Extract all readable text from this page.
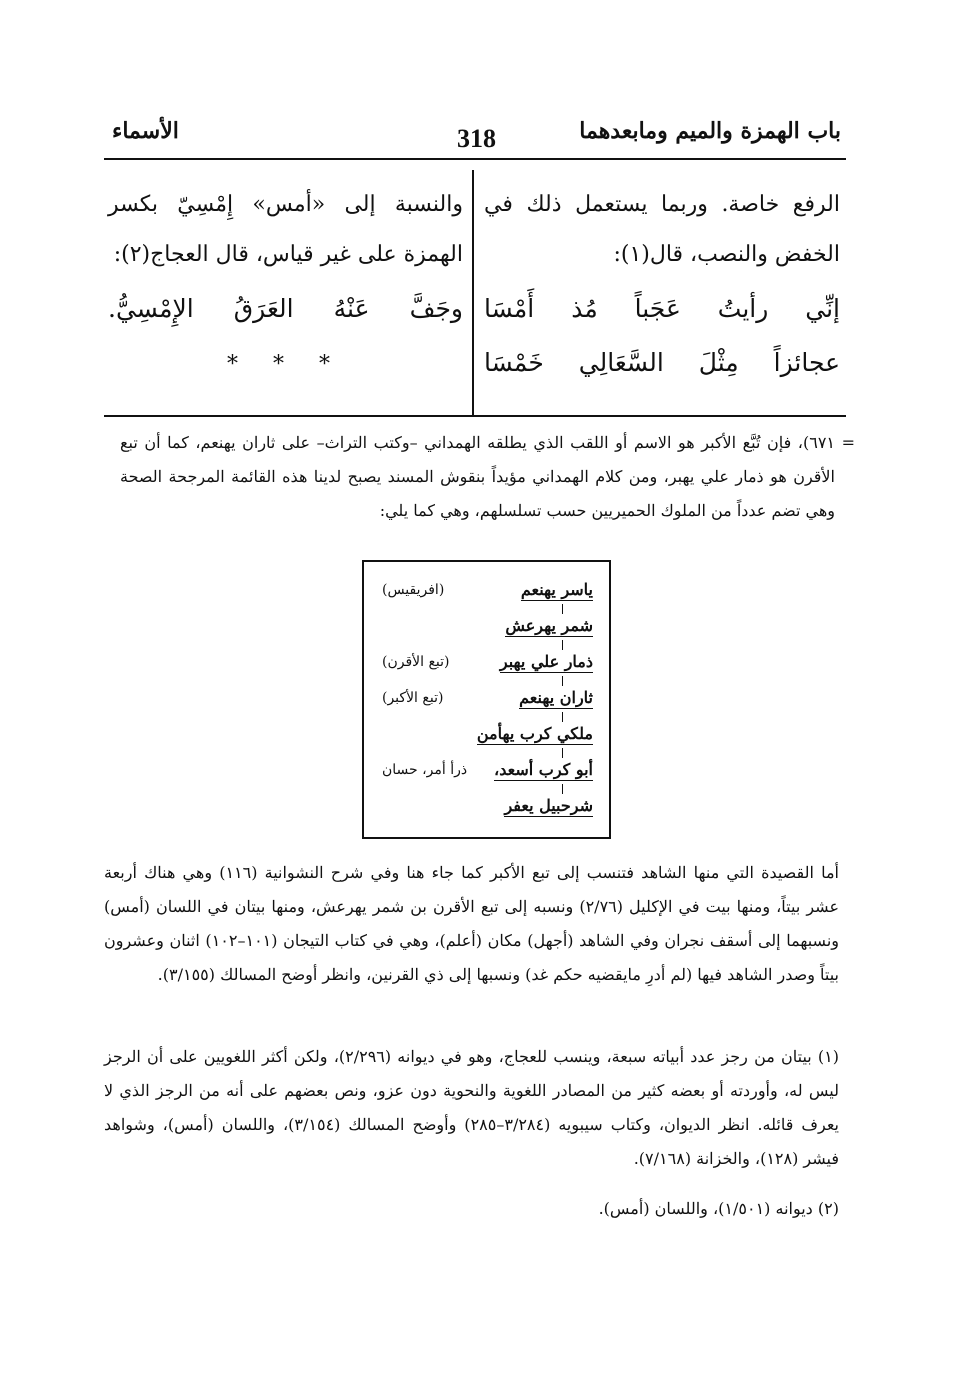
باب الهمزة والميم ومابعدهما
318
الأسماء
الرفع خاصة. وربما يستعمل ذلك في الخفض والنصب، قال(١):
إنِّي رأيتُ عَجَباً مُذ أَمْسَا
عجائزاً مِثْلَ السَّعَالِي خَمْسَا
والنسبة إلى «أمس» إِمْسِيّ بكسر الهمزة على غير قياس، قال العجاج(٢):
وجَفَّ عَنْهُ العَرَقُ الإِمْسِيُّ.
* * *
=
٦٧١)، فإن تُبَّع الأكبر هو الاسم أو اللقب الذي يطلقه الهمداني –وكتب التراث– على ثاران يهنعم، كما أن تبع الأقرن هو ذمار علي يهبر، ومن كلام الهمداني مؤيداً بنقوش المسند يصبح لدينا هذه القائمة المرجحة الصحة وهي تضم عدداً من الملوك الحميريين حسب تسلسلهم، وهي كما يلي:
ياسر يهنعم
(افريقيس)
شمر يهرعش
ذمار علي يهبر
(تبع الأقرن)
ثاران يهنعم
(تبع الأكبر)
ملكي كرب يهأمن
أبو كرب أسعد،
ذرأ أمر، حسان
شرحبيل يعفر
أما القصيدة التي منها الشاهد فتنسب إلى تبع الأكبر كما جاء هنا وفي شرح النشوانية (١١٦) وهي هناك أربعة عشر بيتاً، ومنها بيت في الإكليل (٢/٧٦) ونسبه إلى تبع الأقرن بن شمر يهرعش، ومنها بيتان في اللسان (أمس) ونسبهما إلى أسقف نجران وفي الشاهد (أجهل) مكان (أعلم)، وهي في كتاب التيجان (١٠١–١٠٢) اثنان وعشرون بيتاً وصدر الشاهد فيها (لم أدرِ مايقضيه حكم غد) ونسبها إلى ذي القرنين، وانظر أوضح المسالك (٣/١٥٥).
(١) بيتان من رجز عدد أبياته سبعة، وينسب للعجاج، وهو في ديوانه (٢/٢٩٦)، ولكن أكثر اللغويين على أن الرجز ليس له، وأوردته أو بعضه كثير من المصادر اللغوية والنحوية دون عزو، ونص بعضهم على أنه من الرجز الذي لا يعرف قائله. انظر الديوان، وكتاب سيبويه (٣/٢٨٤–٢٨٥) وأوضح المسالك (٣/١٥٤)، واللسان (أمس)، وشواهد فيشر (١٢٨)، والخزانة (٧/١٦٨).
(٢) ديوانه (١/٥٠١)، واللسان (أمس).
